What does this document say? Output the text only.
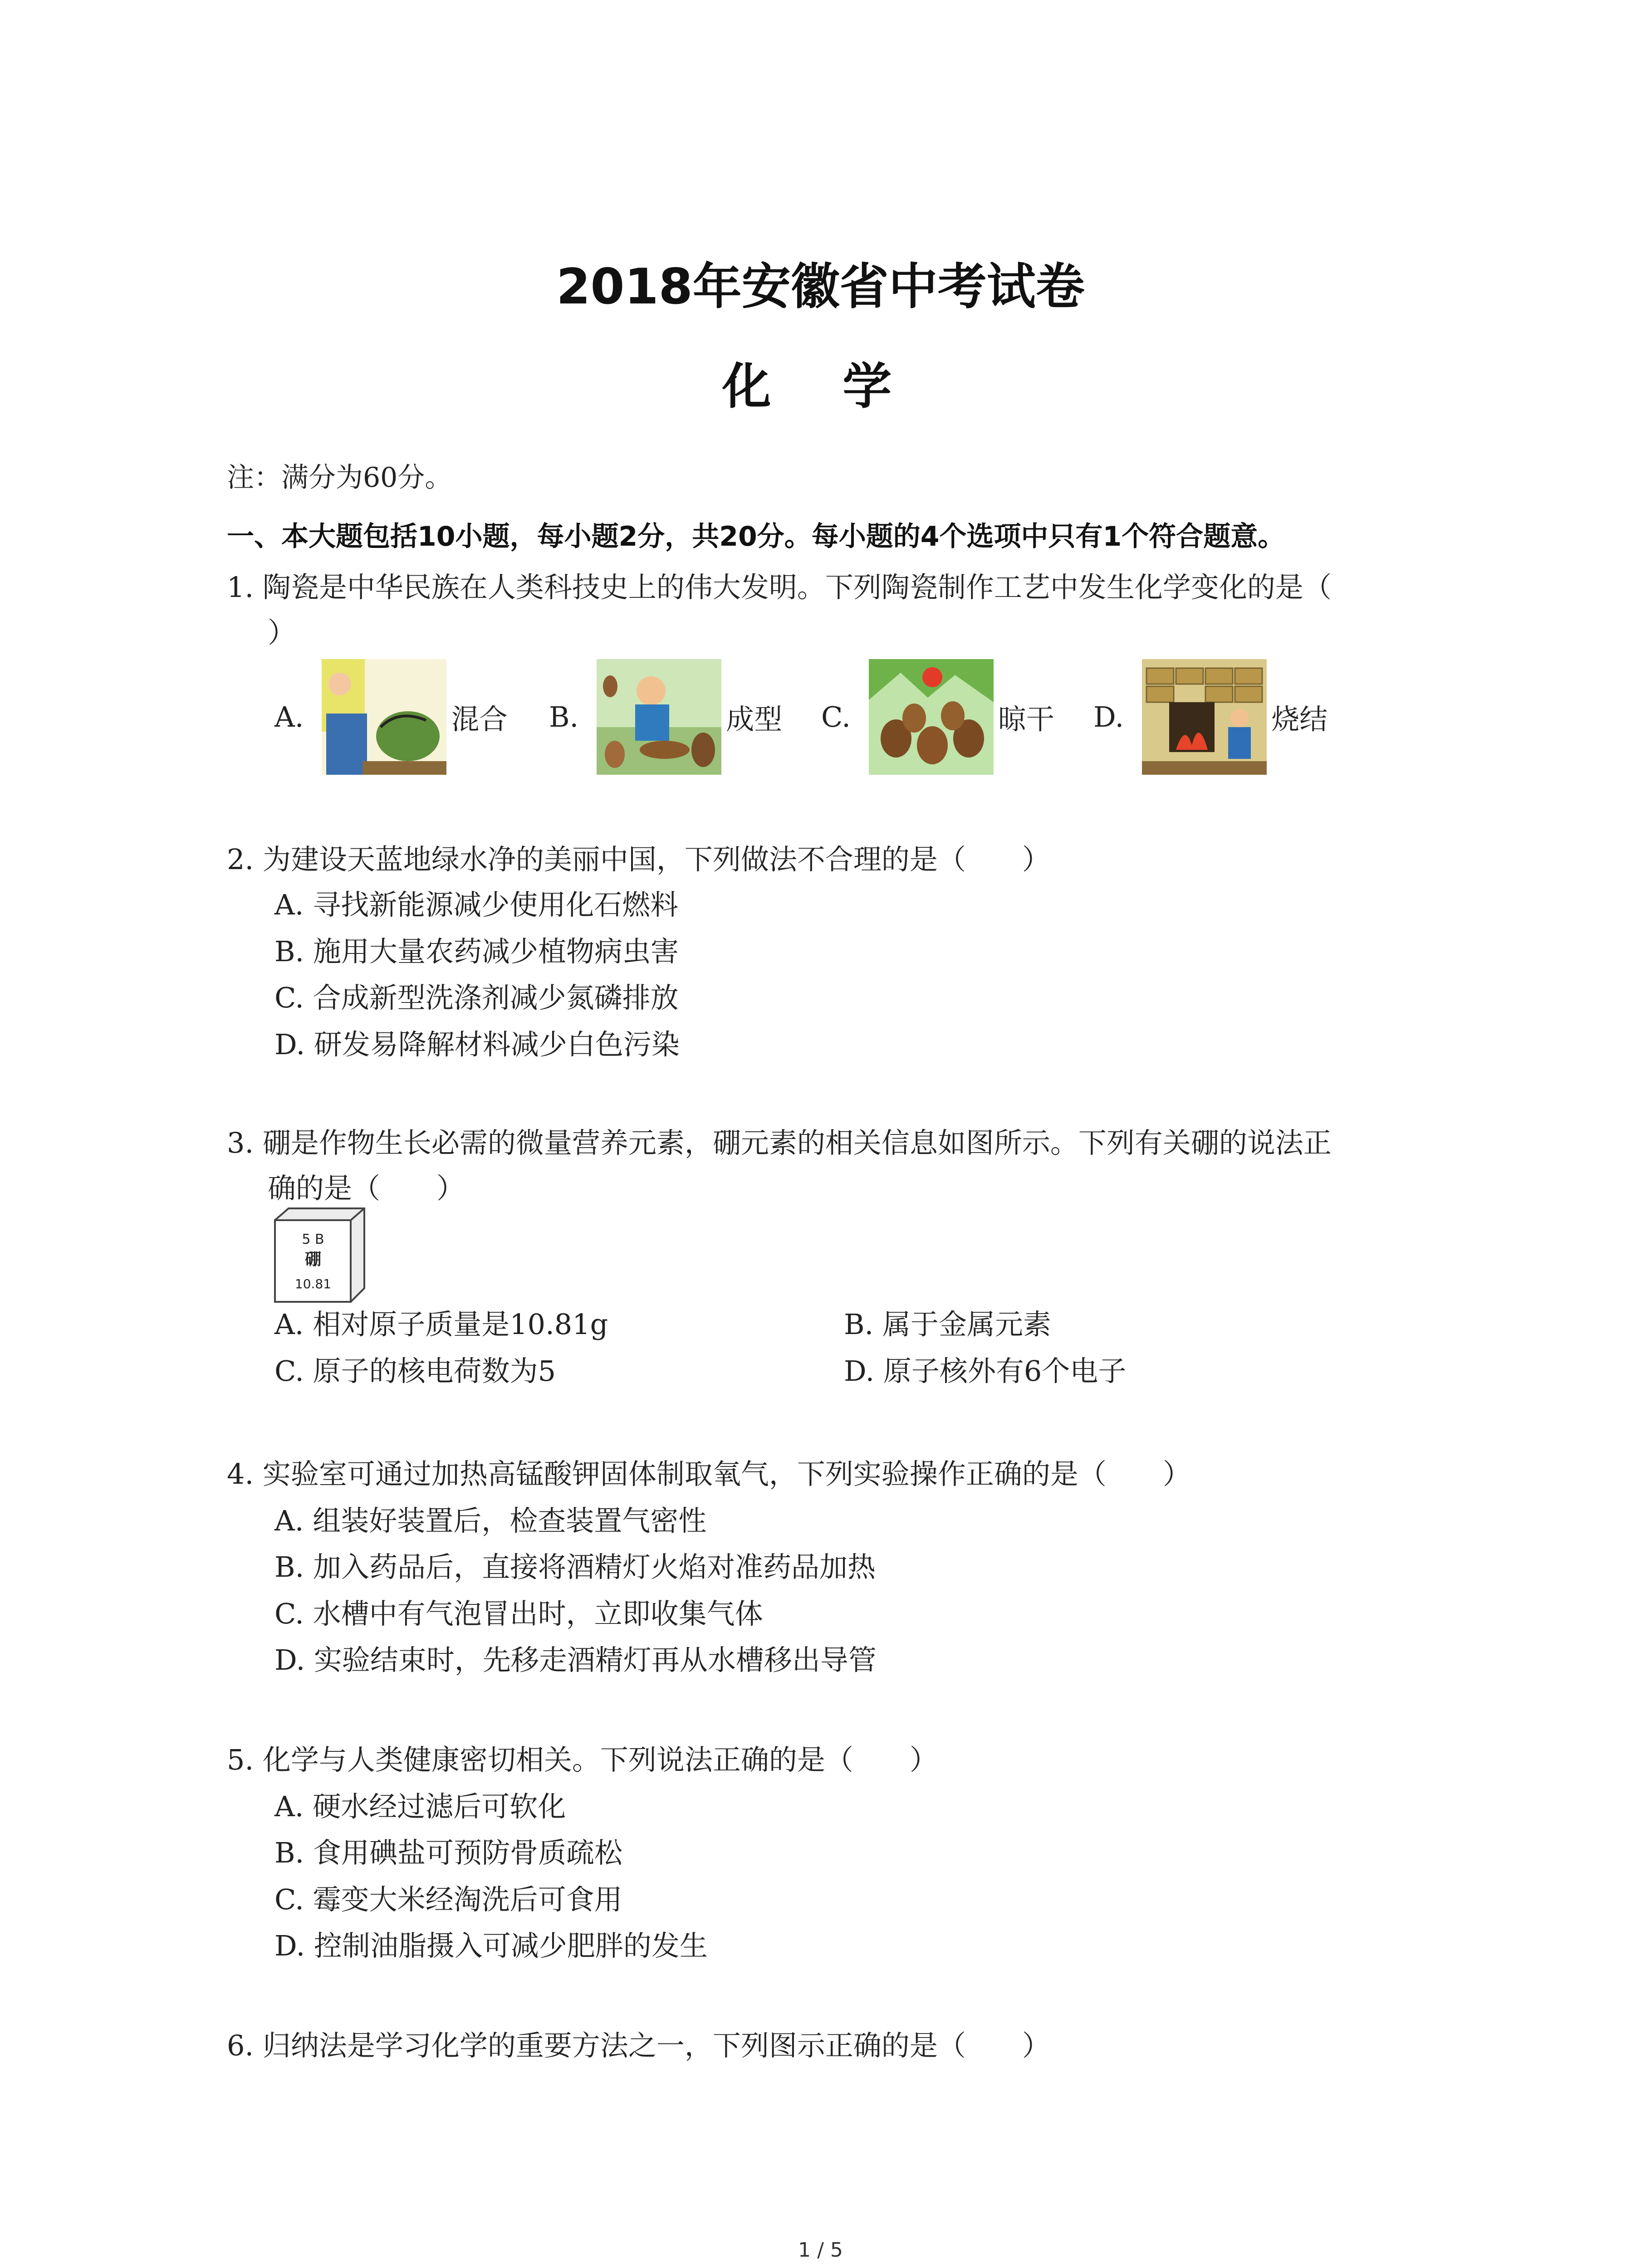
2018年安徽省中考试卷
化 学
注：满分为60分。
一、本大题包括10小题，每小题2分，共20分。每小题的4个选项中只有1个符合题意。
1. 陶瓷是中华民族在人类科技史上的伟大发明。下列陶瓷制作工艺中发生化学变化的是（
）
A.	混合 B.	成型 C.	晾干 D.	烧结
2. 为建设天蓝地绿水净的美丽中国，下列做法不合理的是（　　）
A. 寻找新能源减少使用化石燃料
B. 施用大量农药减少植物病虫害
C. 合成新型洗涤剂减少氮磷排放
D. 研发易降解材料减少白色污染
3. 硼是作物生长必需的微量营养元素，硼元素的相关信息如图所示。下列有关硼的说法正
确的是（　　）
5 B
硼
10.81
A. 相对原子质量是10.81g	B. 属于金属元素
C. 原子的核电荷数为5	D. 原子核外有6个电子
4. 实验室可通过加热高锰酸钾固体制取氧气，下列实验操作正确的是（　　）
A. 组装好装置后，检查装置气密性
B. 加入药品后，直接将酒精灯火焰对准药品加热
C. 水槽中有气泡冒出时，立即收集气体
D. 实验结束时，先移走酒精灯再从水槽移出导管
5. 化学与人类健康密切相关。下列说法正确的是（　　）
A. 硬水经过滤后可软化
B. 食用碘盐可预防骨质疏松
C. 霉变大米经淘洗后可食用
D. 控制油脂摄入可减少肥胖的发生
6. 归纳法是学习化学的重要方法之一，下列图示正确的是（　　）
1 / 5
